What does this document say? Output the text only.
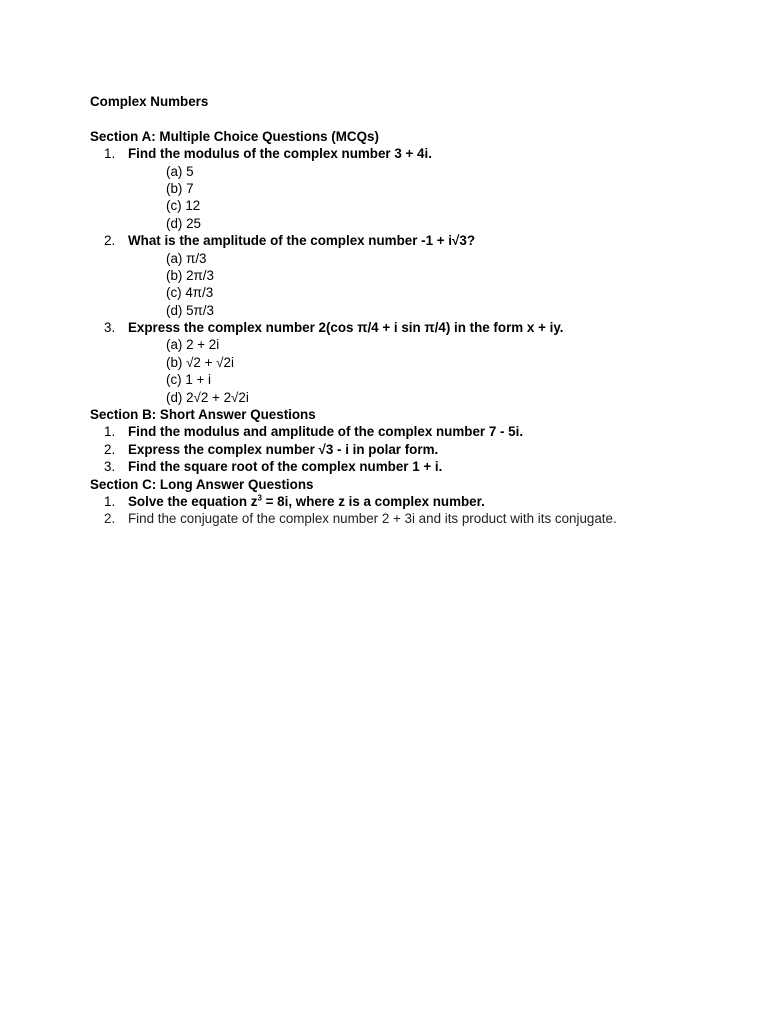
Complex Numbers
Section A: Multiple Choice Questions (MCQs)
1. Find the modulus of the complex number 3 + 4i.
(a) 5
(b) 7
(c) 12
(d) 25
2. What is the amplitude of the complex number -1 + i√3?
(a) π/3
(b) 2π/3
(c) 4π/3
(d) 5π/3
3. Express the complex number 2(cos π/4 + i sin π/4) in the form x + iy.
(a) 2 + 2i
(b) √2 + √2i
(c) 1 + i
(d) 2√2 + 2√2i
Section B: Short Answer Questions
1. Find the modulus and amplitude of the complex number 7 - 5i.
2. Express the complex number √3 - i in polar form.
3. Find the square root of the complex number 1 + i.
Section C: Long Answer Questions
1. Solve the equation $z^3 = 8i$, where z is a complex number.
2. Find the conjugate of the complex number 2 + 3i and its product with its conjugate.
